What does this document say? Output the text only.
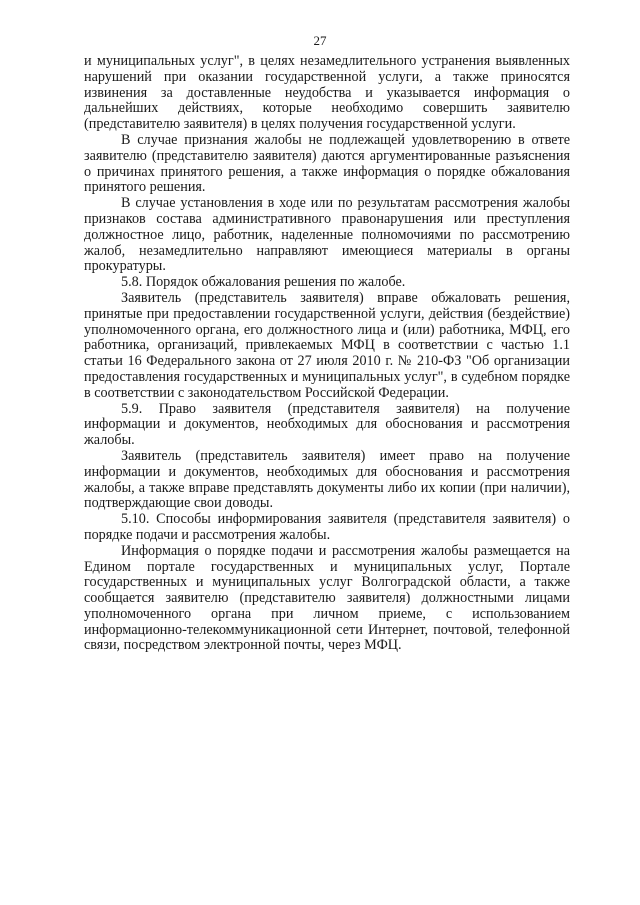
27

и муниципальных услуг", в целях незамедлительного устранения выявленных нарушений при оказании государственной услуги, а также приносятся извинения за доставленные неудобства и указывается информация о дальнейших действиях, которые необходимо совершить заявителю (представителю заявителя) в целях получения государственной услуги.

В случае признания жалобы не подлежащей удовлетворению в ответе заявителю (представителю заявителя) даются аргументированные разъяснения о причинах принятого решения, а также информация о порядке обжалования принятого решения.

В случае установления в ходе или по результатам рассмотрения жалобы признаков состава административного правонарушения или преступления должностное лицо, работник, наделенные полномочиями по рассмотрению жалоб, незамедлительно направляют имеющиеся материалы в органы прокуратуры.

5.8. Порядок обжалования решения по жалобе.

Заявитель (представитель заявителя) вправе обжаловать решения, принятые при предоставлении государственной услуги, действия (бездействие) уполномоченного органа, его должностного лица и (или) работника, МФЦ, его работника, организаций, привлекаемых МФЦ в соответствии с частью 1.1 статьи 16 Федерального закона от 27 июля 2010 г. № 210-ФЗ "Об организации предоставления государственных и муниципальных услуг", в судебном порядке в соответствии с законодательством Российской Федерации.

5.9. Право заявителя (представителя заявителя) на получение информации и документов, необходимых для обоснования и рассмотрения жалобы.

Заявитель (представитель заявителя) имеет право на получение информации и документов, необходимых для обоснования и рассмотрения жалобы, а также вправе представлять документы либо их копии (при наличии), подтверждающие свои доводы.

5.10. Способы информирования заявителя (представителя заявителя) о порядке подачи и рассмотрения жалобы.

Информация о порядке подачи и рассмотрения жалобы размещается на Едином портале государственных и муниципальных услуг, Портале государственных и муниципальных услуг Волгоградской области, а также сообщается заявителю (представителю заявителя) должностными лицами уполномоченного органа при личном приеме, с использованием информационно-телекоммуникационной сети Интернет, почтовой, телефонной связи, посредством электронной почты, через МФЦ.
